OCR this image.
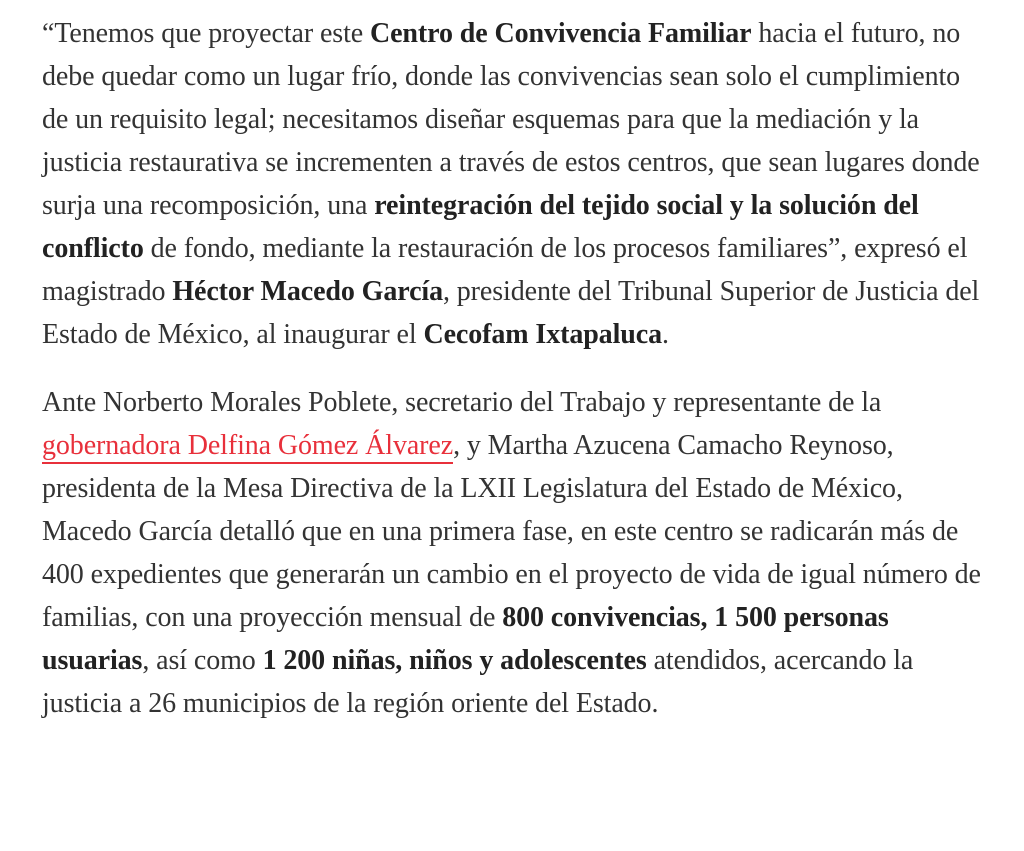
“Tenemos que proyectar este Centro de Convivencia Familiar hacia el futuro, no debe quedar como un lugar frío, donde las convivencias sean solo el cumplimiento de un requisito legal; necesitamos diseñar esquemas para que la mediación y la justicia restaurativa se incrementen a través de estos centros, que sean lugares donde surja una recomposición, una reintegración del tejido social y la solución del conflicto de fondo, mediante la restauración de los procesos familiares”, expresó el magistrado Héctor Macedo García, presidente del Tribunal Superior de Justicia del Estado de México, al inaugurar el Cecofam Ixtapaluca.

Ante Norberto Morales Poblete, secretario del Trabajo y representante de la gobernadora Delfina Gómez Álvarez, y Martha Azucena Camacho Reynoso, presidenta de la Mesa Directiva de la LXII Legislatura del Estado de México, Macedo García detalló que en una primera fase, en este centro se radicarán más de 400 expedientes que generarán un cambio en el proyecto de vida de igual número de familias, con una proyección mensual de 800 convivencias, 1 500 personas usuarias, así como 1 200 niñas, niños y adolescentes atendidos, acercando la justicia a 26 municipios de la región oriente del Estado.
